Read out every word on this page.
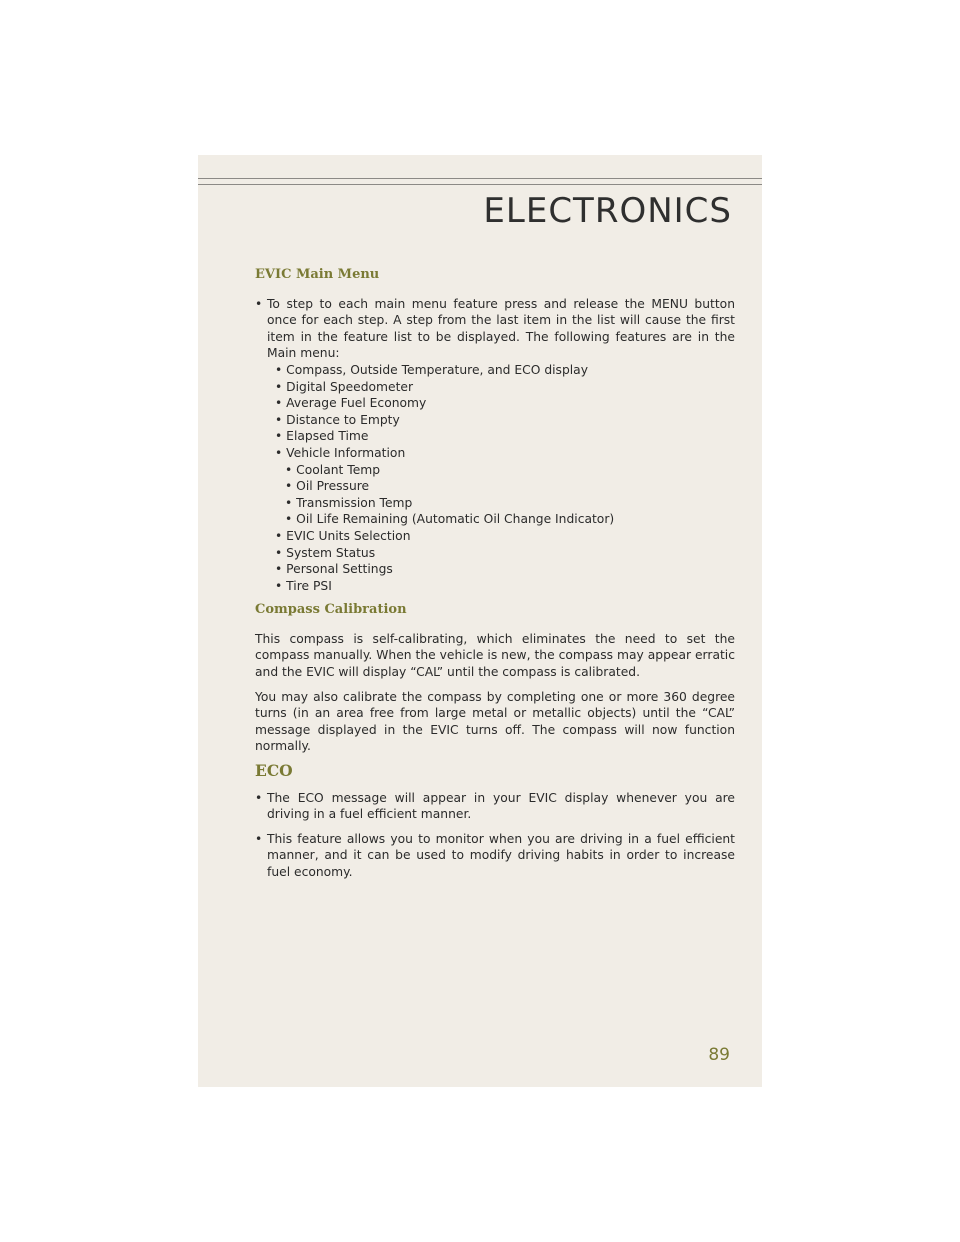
ELECTRONICS
EVIC Main Menu
• To step to each main menu feature press and release the MENU button once for each step. A step from the last item in the list will cause the first item in the feature list to be displayed. The following features are in the Main menu:
• Compass, Outside Temperature, and ECO display
• Digital Speedometer
• Average Fuel Economy
• Distance to Empty
• Elapsed Time
• Vehicle Information
• Coolant Temp
• Oil Pressure
• Transmission Temp
• Oil Life Remaining (Automatic Oil Change Indicator)
• EVIC Units Selection
• System Status
• Personal Settings
• Tire PSI
Compass Calibration

This compass is self-calibrating, which eliminates the need to set the compass manually. When the vehicle is new, the compass may appear erratic and the EVIC will display “CAL” until the compass is calibrated.

You may also calibrate the compass by completing one or more 360 degree turns (in an area free from large metal or metallic objects) until the “CAL” message displayed in the EVIC turns off. The compass will now function normally.

ECO
• The ECO message will appear in your EVIC display whenever you are driving in a fuel efficient manner.
• This feature allows you to monitor when you are driving in a fuel efficient manner, and it can be used to modify driving habits in order to increase fuel economy.
89
